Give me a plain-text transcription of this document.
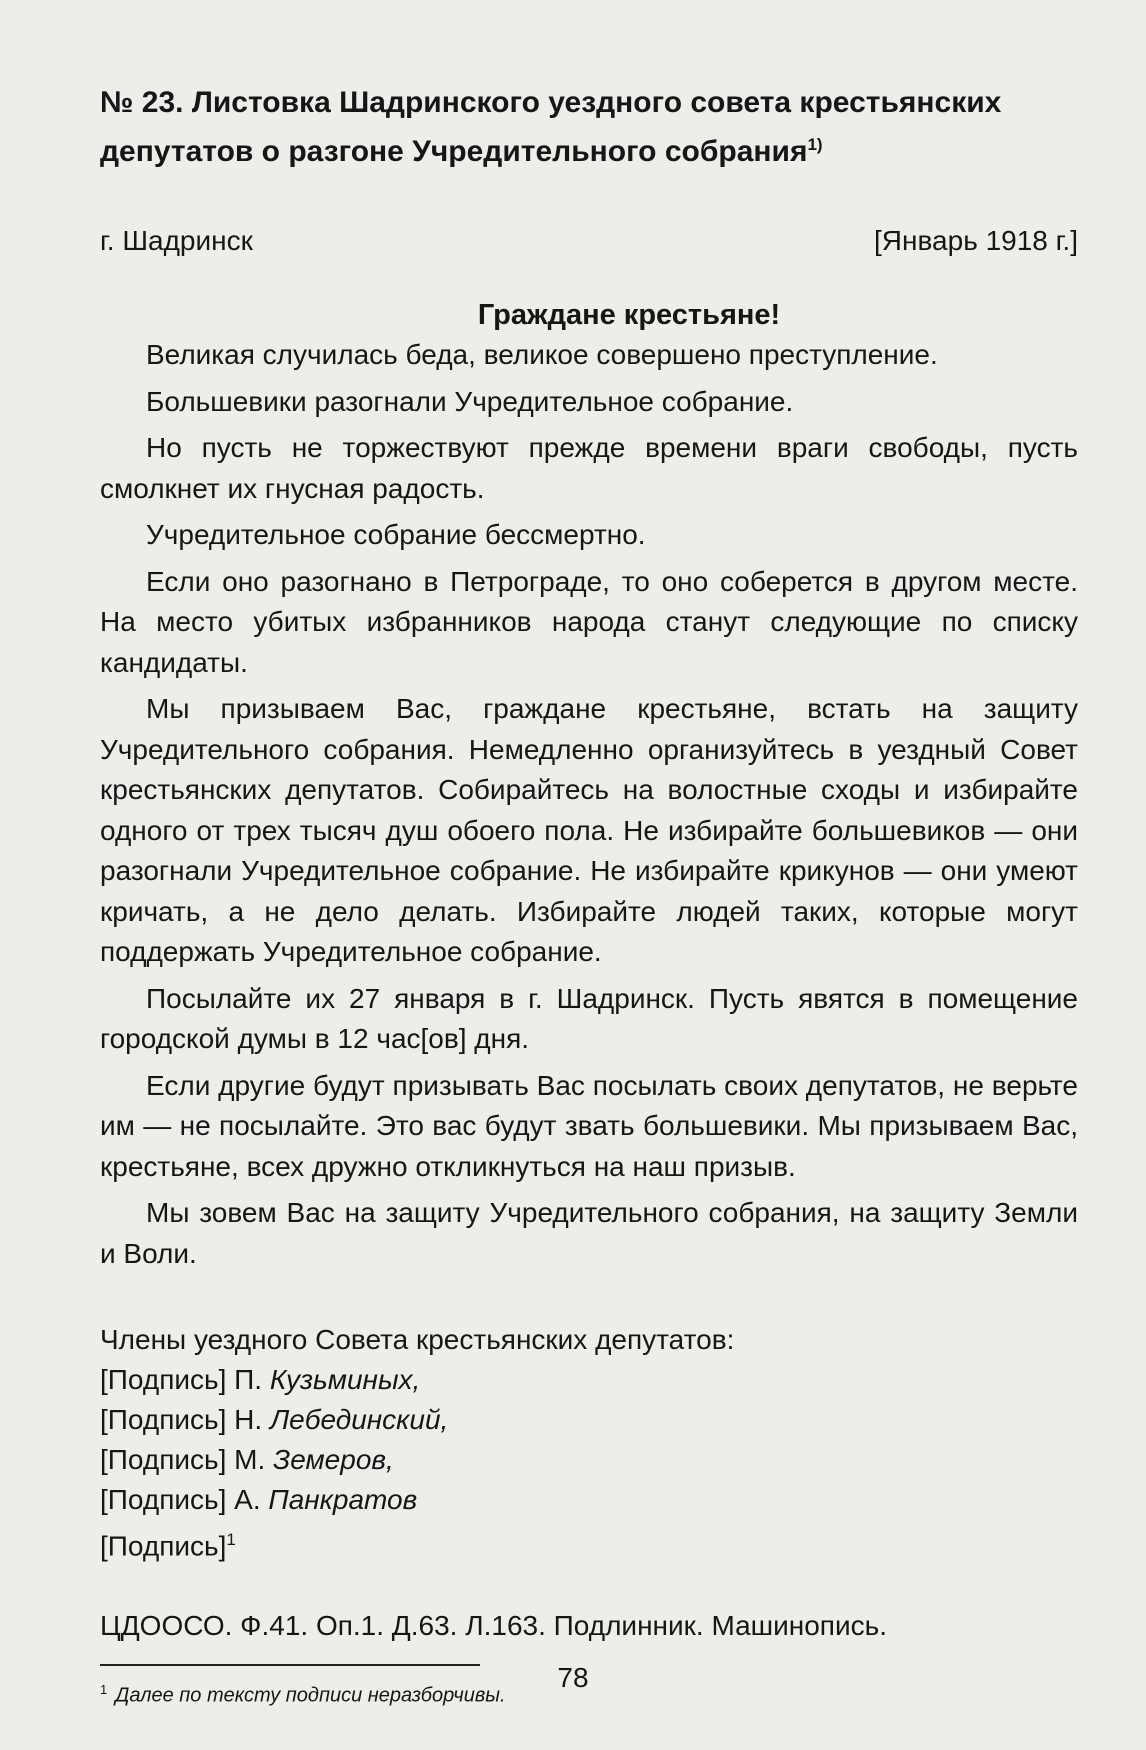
№ 23. Листовка Шадринского уездного совета крестьянских депутатов о разгоне Учредительного собрания$^{1)}$
г. Шадринск	[Январь 1918 г.]
Граждане крестьяне!

Великая случилась беда, великое совершено преступление.

Большевики разогнали Учредительное собрание.

Но пусть не торжествуют прежде времени враги свободы, пусть смолкнет их гнусная радость.

Учредительное собрание бессмертно.

Если оно разогнано в Петрограде, то оно соберется в другом месте. На место убитых избранников народа станут следующие по списку кандидаты.

Мы призываем Вас, граждане крестьяне, встать на защиту Учредительного собрания. Немедленно организуйтесь в уездный Совет крестьянских депутатов. Собирайтесь на волостные сходы и избирайте одного от трех тысяч душ обоего пола. Не избирайте большевиков — они разогнали Учредительное собрание. Не избирайте крикунов — они умеют кричать, а не дело делать. Избирайте людей таких, которые могут поддержать Учредительное собрание.

Посылайте их 27 января в г. Шадринск. Пусть явятся в помещение городской думы в 12 час[ов] дня.

Если другие будут призывать Вас посылать своих депутатов, не верьте им — не посылайте. Это вас будут звать большевики. Мы призываем Вас, крестьяне, всех дружно откликнуться на наш призыв.

Мы зовем Вас на защиту Учредительного собрания, на защиту Земли и Воли.

Члены уездного Совета крестьянских депутатов:
[Подпись] П. Кузьминых,
[Подпись] Н. Лебединский,
[Подпись] М. Земеров,
[Подпись] А. Панкратов
[Подпись]$^1$
ЦДООСО. Ф.41. Оп.1. Д.63. Л.163. Подлинник. Машинопись.
$^1$ Далее по тексту подписи неразборчивы.
78
